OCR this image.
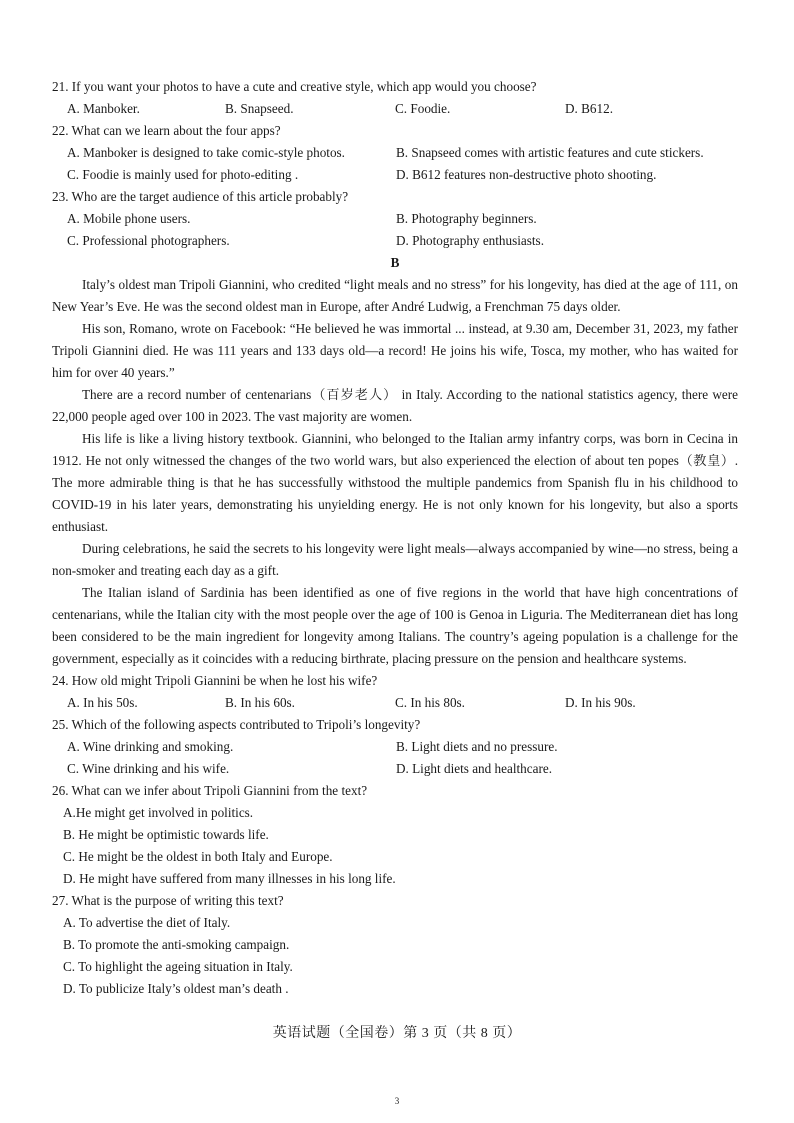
21. If you want your photos to have a cute and creative style, which app would you choose?

A. Manboker.	B. Snapseed.	C. Foodie.	D. B612.

22. What can we learn about the four apps?

A. Manboker is designed to take comic-style photos.	B. Snapseed comes with artistic features and cute stickers.
C. Foodie is mainly used for photo-editing .	D. B612 features non-destructive photo shooting.

23. Who are the target audience of this article probably?

A. Mobile phone users.	B. Photography beginners.
C. Professional photographers.	D. Photography enthusiasts.
B

Italy’s oldest man Tripoli Giannini, who credited “light meals and no stress” for his longevity, has died at the age of 111, on New Year’s Eve. He was the second oldest man in Europe, after André Ludwig, a Frenchman 75 days older.

His son, Romano, wrote on Facebook: “He believed he was immortal ... instead, at 9.30 am, December 31, 2023, my father Tripoli Giannini died. He was 111 years and 133 days old—a record! He joins his wife, Tosca, my mother, who has waited for him for over 40 years.”

There are a record number of centenarians（百岁老人） in Italy. According to the national statistics agency, there were 22,000 people aged over 100 in 2023. The vast majority are women.

His life is like a living history textbook. Giannini, who belonged to the Italian army infantry corps, was born in Cecina in 1912. He not only witnessed the changes of the two world wars, but also experienced the election of about ten popes（教皇）. The more admirable thing is that he has successfully withstood the multiple pandemics from Spanish flu in his childhood to COVID-19 in his later years, demonstrating his unyielding energy. He is not only known for his longevity, but also a sports enthusiast.

During celebrations, he said the secrets to his longevity were light meals—always accompanied by wine—no stress, being a non-smoker and treating each day as a gift.

The Italian island of Sardinia has been identified as one of five regions in the world that have high concentrations of centenarians, while the Italian city with the most people over the age of 100 is Genoa in Liguria. The Mediterranean diet has long been considered to be the main ingredient for longevity among Italians. The country’s ageing population is a challenge for the government, especially as it coincides with a reducing birthrate, placing pressure on the pension and healthcare systems.

24. How old might Tripoli Giannini be when he lost his wife?

A. In his 50s.	B. In his 60s.	C. In his 80s.	D. In his 90s.

25. Which of the following aspects contributed to Tripoli’s longevity?

A. Wine drinking and smoking.	B. Light diets and no pressure.
C. Wine drinking and his wife.	D. Light diets and healthcare.

26. What can we infer about Tripoli Giannini from the text?

A.He might get involved in politics.
B. He might be optimistic towards life.
C. He might be the oldest in both Italy and Europe.
D. He might have suffered from many illnesses in his long life.

27. What is the purpose of writing this text?

A. To advertise the diet of Italy.
B. To promote the anti-smoking campaign.
C. To highlight the ageing situation in Italy.
D. To publicize Italy’s oldest man’s death .
英语试题（全国卷）第 3 页（共 8 页）
3
